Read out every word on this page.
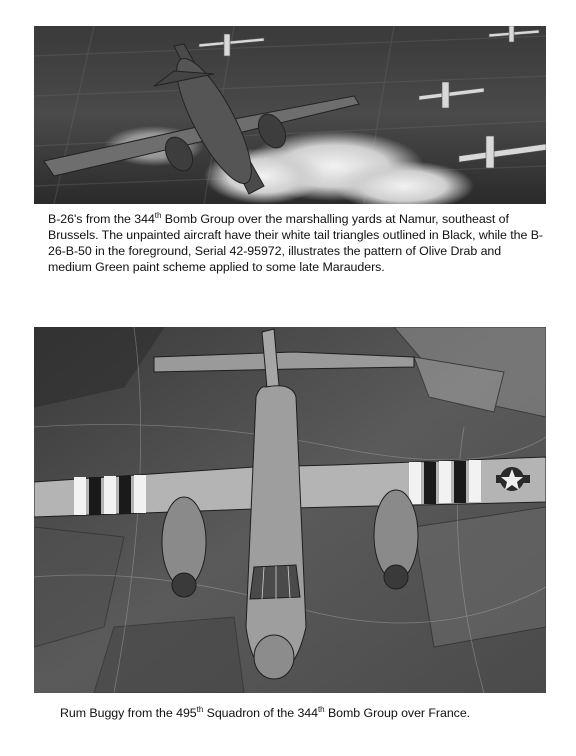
B-26's from the 344th Bomb Group over the marshalling yards at Namur, southeast of Brussels. The unpainted aircraft have their white tail triangles outlined in Black, while the B-26-B-50 in the foreground, Serial 42-95972, illustrates the pattern of Olive Drab and medium Green paint scheme applied to some late Marauders.
Rum Buggy from the 495th Squadron of the 344th Bomb Group over France.
